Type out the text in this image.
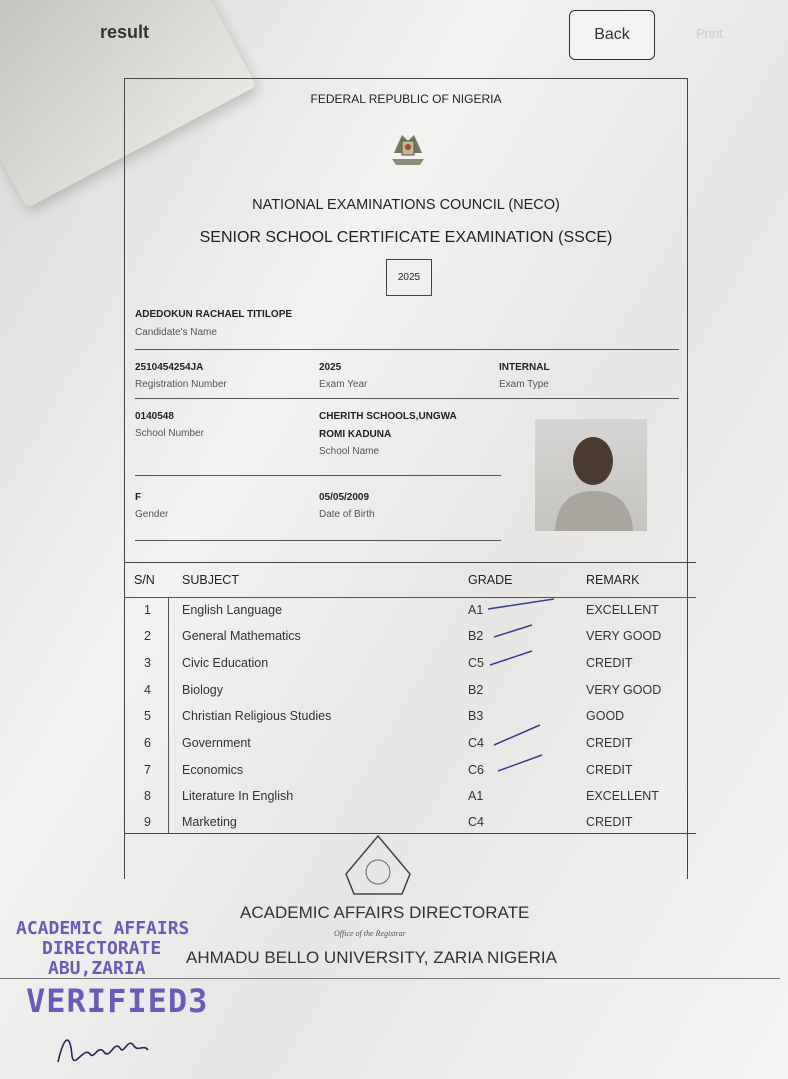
result	Back	Print
FEDERAL REPUBLIC OF NIGERIA
NATIONAL EXAMINATIONS COUNCIL (NECO)
SENIOR SCHOOL CERTIFICATE EXAMINATION (SSCE)
2025
ADEDOKUN RACHAEL TITILOPE
Candidate's Name
2510454254JA
Registration Number
2025
Exam Year
INTERNAL
Exam Type
0140548
School Number
CHERITH SCHOOLS,UNGWA
ROMI KADUNA
School Name
F
Gender
05/05/2009
Date of Birth
S/N SUBJECT	GRADE	REMARK
1 English Language	A1	EXCELLENT
2 General Mathematics	B2	VERY GOOD
3 Civic Education	C5	CREDIT
4 Biology	B2	VERY GOOD
5 Christian Religious Studies	B3	GOOD
6 Government	C4	CREDIT
7 Economics	C6	CREDIT
8 Literature In English	A1	EXCELLENT
9 Marketing	C4	CREDIT
ACADEMIC AFFAIRS DIRECTORATE
Office of the Registrar
AHMADU BELLO UNIVERSITY, ZARIA NIGERIA
ACADEMIC AFFAIRS
DIRECTORATE
ABU,ZARIA
VERIFIED3
